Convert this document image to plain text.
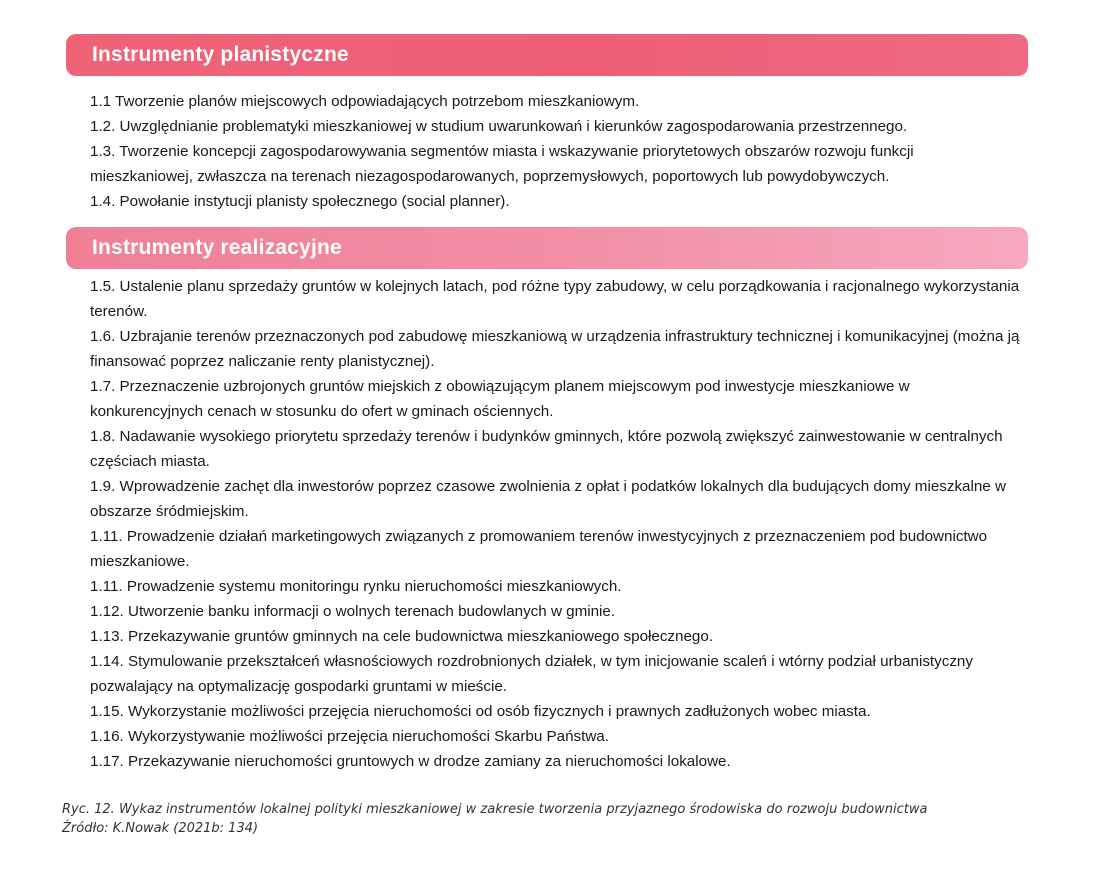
Instrumenty planistyczne
1.1 Tworzenie planów miejscowych odpowiadających potrzebom mieszkaniowym.
1.2. Uwzględnianie problematyki mieszkaniowej w studium uwarunkowań i kierunków zagospodarowania przestrzennego.
1.3. Tworzenie koncepcji zagospodarowywania segmentów miasta i wskazywanie priorytetowych obszarów rozwoju funkcji mieszkaniowej, zwłaszcza na terenach niezagospodarowanych, poprzemysłowych, poportowych lub powydobywczych.
1.4. Powołanie instytucji planisty społecznego (social planner).
Instrumenty realizacyjne
1.5. Ustalenie planu sprzedaży gruntów w kolejnych latach, pod różne typy zabudowy, w celu porządkowania i racjonalnego wykorzystania terenów.
1.6. Uzbrajanie terenów przeznaczonych pod zabudowę mieszkaniową w urządzenia infrastruktury technicznej i komunikacyjnej (można ją finansować poprzez naliczanie renty planistycznej).
1.7. Przeznaczenie uzbrojonych gruntów miejskich z obowiązującym planem miejscowym pod inwestycje mieszkaniowe w konkurencyjnych cenach w stosunku do ofert w gminach ościennych.
1.8. Nadawanie wysokiego priorytetu sprzedaży terenów i budynków gminnych, które pozwolą zwiększyć zainwestowanie w centralnych częściach miasta.
1.9. Wprowadzenie zachęt dla inwestorów poprzez czasowe zwolnienia z opłat i podatków lokalnych dla budujących domy mieszkalne w obszarze śródmiejskim.
1.11. Prowadzenie działań marketingowych związanych z promowaniem terenów inwestycyjnych z przeznaczeniem pod budownictwo mieszkaniowe.
1.11. Prowadzenie systemu monitoringu rynku nieruchomości mieszkaniowych.
1.12. Utworzenie banku informacji o wolnych terenach budowlanych w gminie.
1.13. Przekazywanie gruntów gminnych na cele budownictwa mieszkaniowego społecznego.
1.14. Stymulowanie przekształceń własnościowych rozdrobnionych działek, w tym inicjowanie scaleń i wtórny podział urbanistyczny pozwalający na optymalizację gospodarki gruntami w mieście.
1.15. Wykorzystanie możliwości przejęcia nieruchomości od osób fizycznych i prawnych zadłużonych wobec miasta.
1.16. Wykorzystywanie możliwości przejęcia nieruchomości Skarbu Państwa.
1.17. Przekazywanie nieruchomości gruntowych w drodze zamiany za nieruchomości lokalowe.
Ryc. 12. Wykaz instrumentów lokalnej polityki mieszkaniowej w zakresie tworzenia przyjaznego środowiska do rozwoju budownictwa
Źródło: K.Nowak (2021b: 134)
